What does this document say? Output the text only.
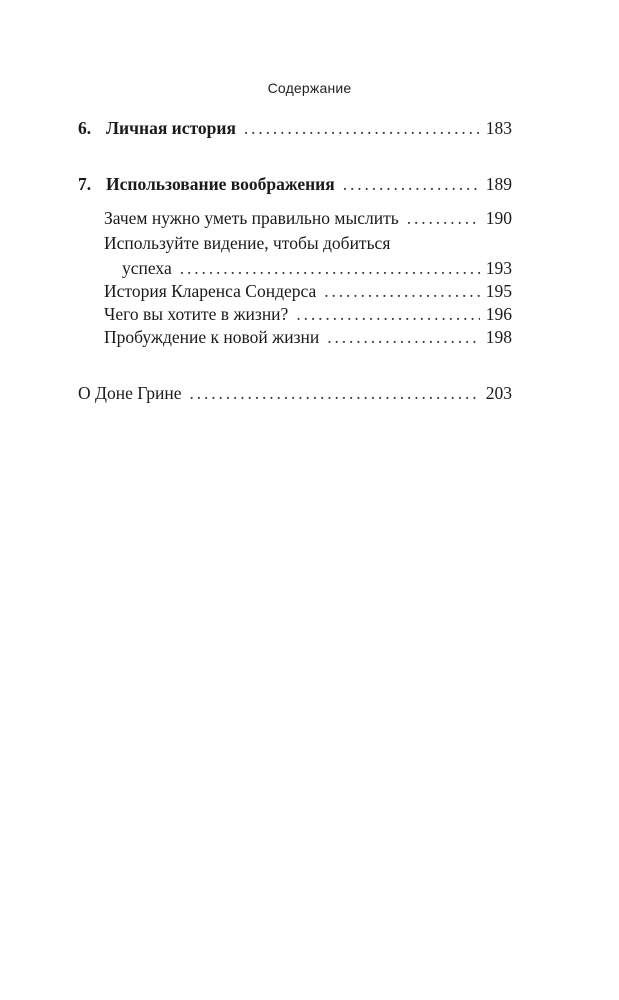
Содержание
6. Личная история . . .	183
7. Использование воображения . . .	189
Зачем нужно уметь правильно мыслить . . .	190
Используйте видение, чтобы добиться
успеха . . .	193
История Кларенса Сондерса . . .	195
Чего вы хотите в жизни? . . .	196
Пробуждение к новой жизни . . .	198
О Доне Грине . . .	203
